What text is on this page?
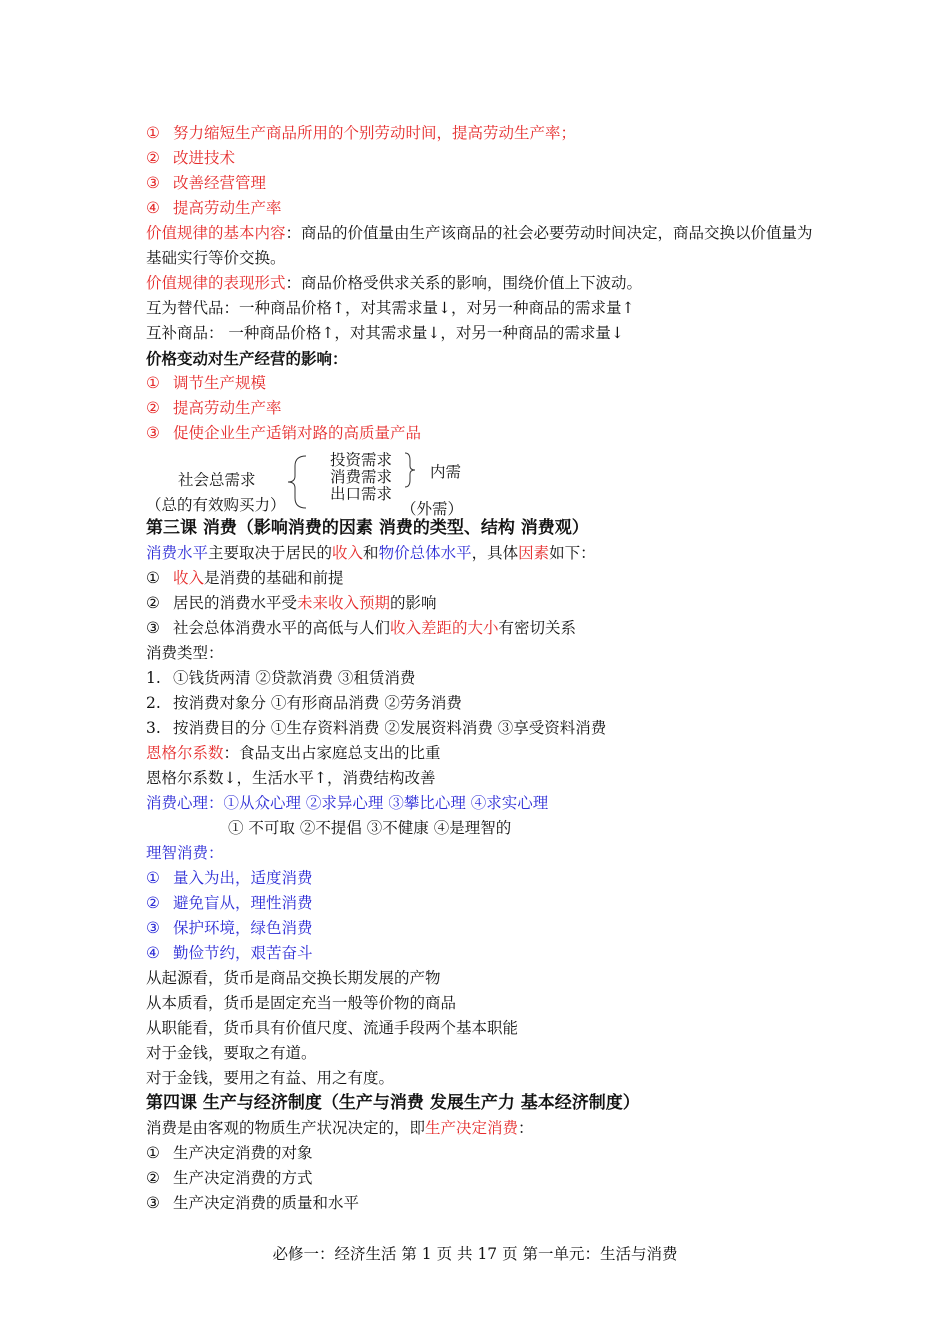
① 努力缩短生产商品所用的个别劳动时间，提高劳动生产率；
② 改进技术
③ 改善经营管理
④ 提高劳动生产率
价值规律的基本内容：商品的价值量由生产该商品的社会必要劳动时间决定，商品交换以价值量为基础实行等价交换。
价值规律的表现形式：商品价格受供求关系的影响，围绕价值上下波动。
互为替代品：一种商品价格↑，对其需求量↓，对另一种商品的需求量↑
互补商品： 一种商品价格↑，对其需求量↓，对另一种商品的需求量↓
价格变动对生产经营的影响：
① 调节生产规模
② 提高劳动生产率
③ 促使企业生产适销对路的高质量产品
社会总需求
（总的有效购买力）
投资需求
消费需求
出口需求
内需
（外需）
第三课 消费（影响消费的因素 消费的类型、结构 消费观）
消费水平主要取决于居民的收入和物价总体水平，具体因素如下：
① 收入是消费的基础和前提
② 居民的消费水平受未来收入预期的影响
③ 社会总体消费水平的高低与人们收入差距的大小有密切关系
消费类型：
1. ①钱货两清 ②贷款消费 ③租赁消费
2. 按消费对象分 ①有形商品消费 ②劳务消费
3. 按消费目的分 ①生存资料消费 ②发展资料消费 ③享受资料消费
恩格尔系数：食品支出占家庭总支出的比重
恩格尔系数↓，生活水平↑，消费结构改善
消费心理：①从众心理 ②求异心理 ③攀比心理 ④求实心理
① 不可取 ②不提倡 ③不健康 ④是理智的
理智消费：
① 量入为出，适度消费
② 避免盲从，理性消费
③ 保护环境，绿色消费
④ 勤俭节约，艰苦奋斗
从起源看，货币是商品交换长期发展的产物
从本质看，货币是固定充当一般等价物的商品
从职能看，货币具有价值尺度、流通手段两个基本职能
对于金钱，要取之有道。
对于金钱，要用之有益、用之有度。
第四课 生产与经济制度（生产与消费 发展生产力 基本经济制度）
消费是由客观的物质生产状况决定的，即生产决定消费：
① 生产决定消费的对象
② 生产决定消费的方式
③ 生产决定消费的质量和水平
必修一：经济生活 第 1 页 共 17 页 第一单元：生活与消费
